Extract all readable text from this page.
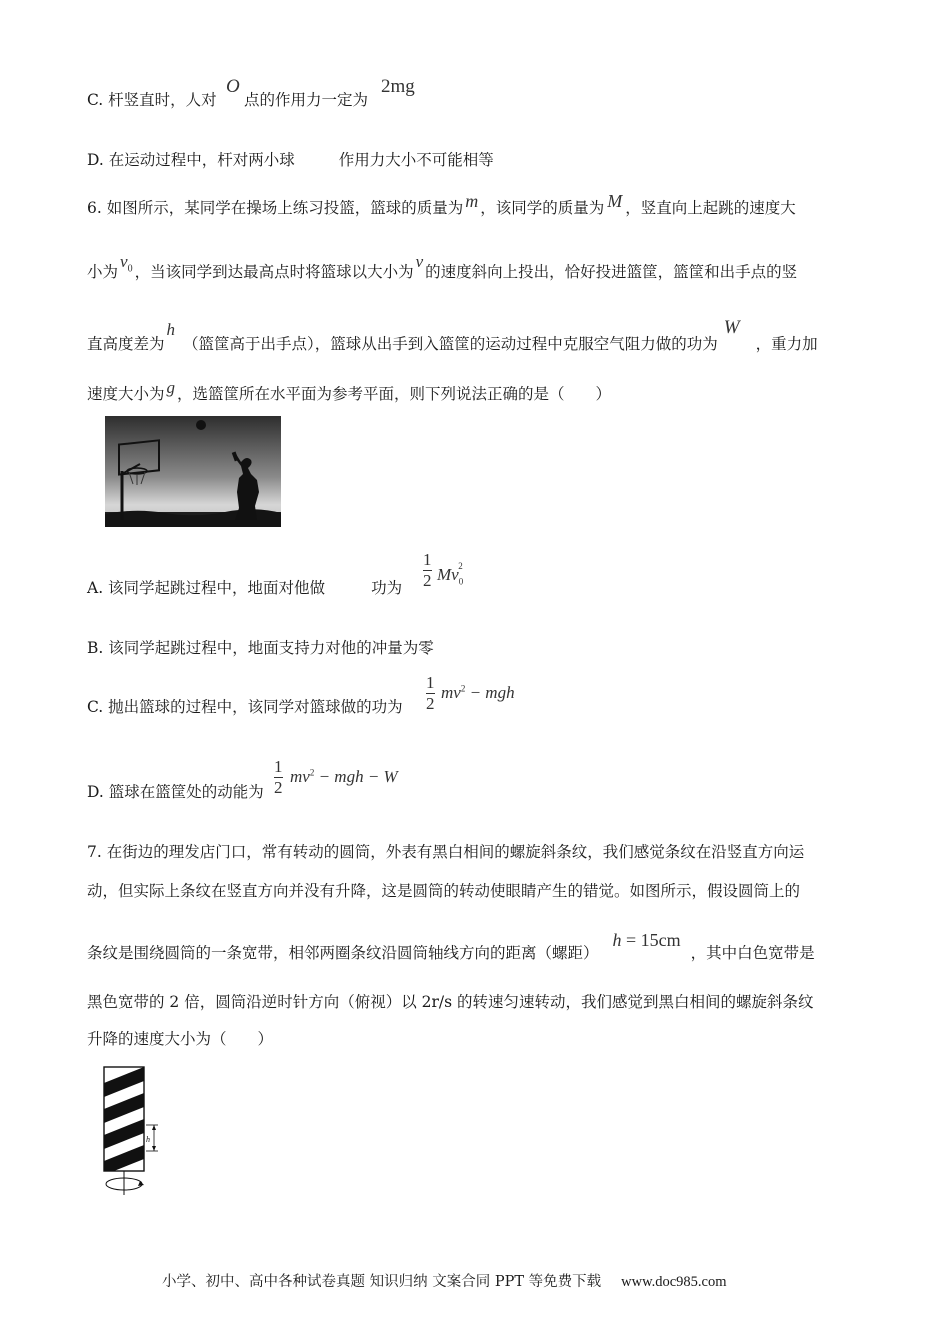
C. 杆竖直时，人对
O
点的作用力一定为
2mg
D. 在运动过程中，杆对两小球	作用力大小不可能相等
6. 如图所示，某同学在操场上练习投篮，篮球的质量为 m ，该同学的质量为 M ，竖直向上起跳的速度大
小为$v_0$ ，当该同学到达最高点时将篮球以大小为v的速度斜向上投出，恰好投进篮筐，篮筐和出手点的竖
直高度差为h（篮筐高于出手点），篮球从出手到入篮筐的运动过程中克服空气阻力做的功为W，重力加
速度大小为 g ，选篮筐所在水平面为参考平面，则下列说法正确的是（　　）
A. 该同学起跳过程中，地面对他做	功为
1
2 $Mv_0^2$
B. 该同学起跳过程中，地面支持力对他的冲量为零
C. 抛出篮球的过程中，该同学对篮球做的功为
1
2
$mv^2$ − mgh
D. 篮球在篮筐处的动能为
1
2
$mv^2$ − mgh − W
7. 在街边的理发店门口，常有转动的圆筒，外表有黑白相间的螺旋斜条纹，我们感觉条纹在沿竖直方向运
动，但实际上条纹在竖直方向并没有升降，这是圆筒的转动使眼睛产生的错觉。如图所示，假设圆筒上的
条纹是围绕圆筒的一条宽带，相邻两圈条纹沿圆筒轴线方向的距离（螺距）h = 15cm，其中白色宽带是
黑色宽带的 2 倍，圆筒沿逆时针方向（俯视）以 2r/s 的转速匀速转动，我们感觉到黑白相间的螺旋斜条纹
升降的速度大小为（　　）
h
小学、初中、高中各种试卷真题 知识归纳 文案合同 PPT 等免费下载 www.doc985.com
